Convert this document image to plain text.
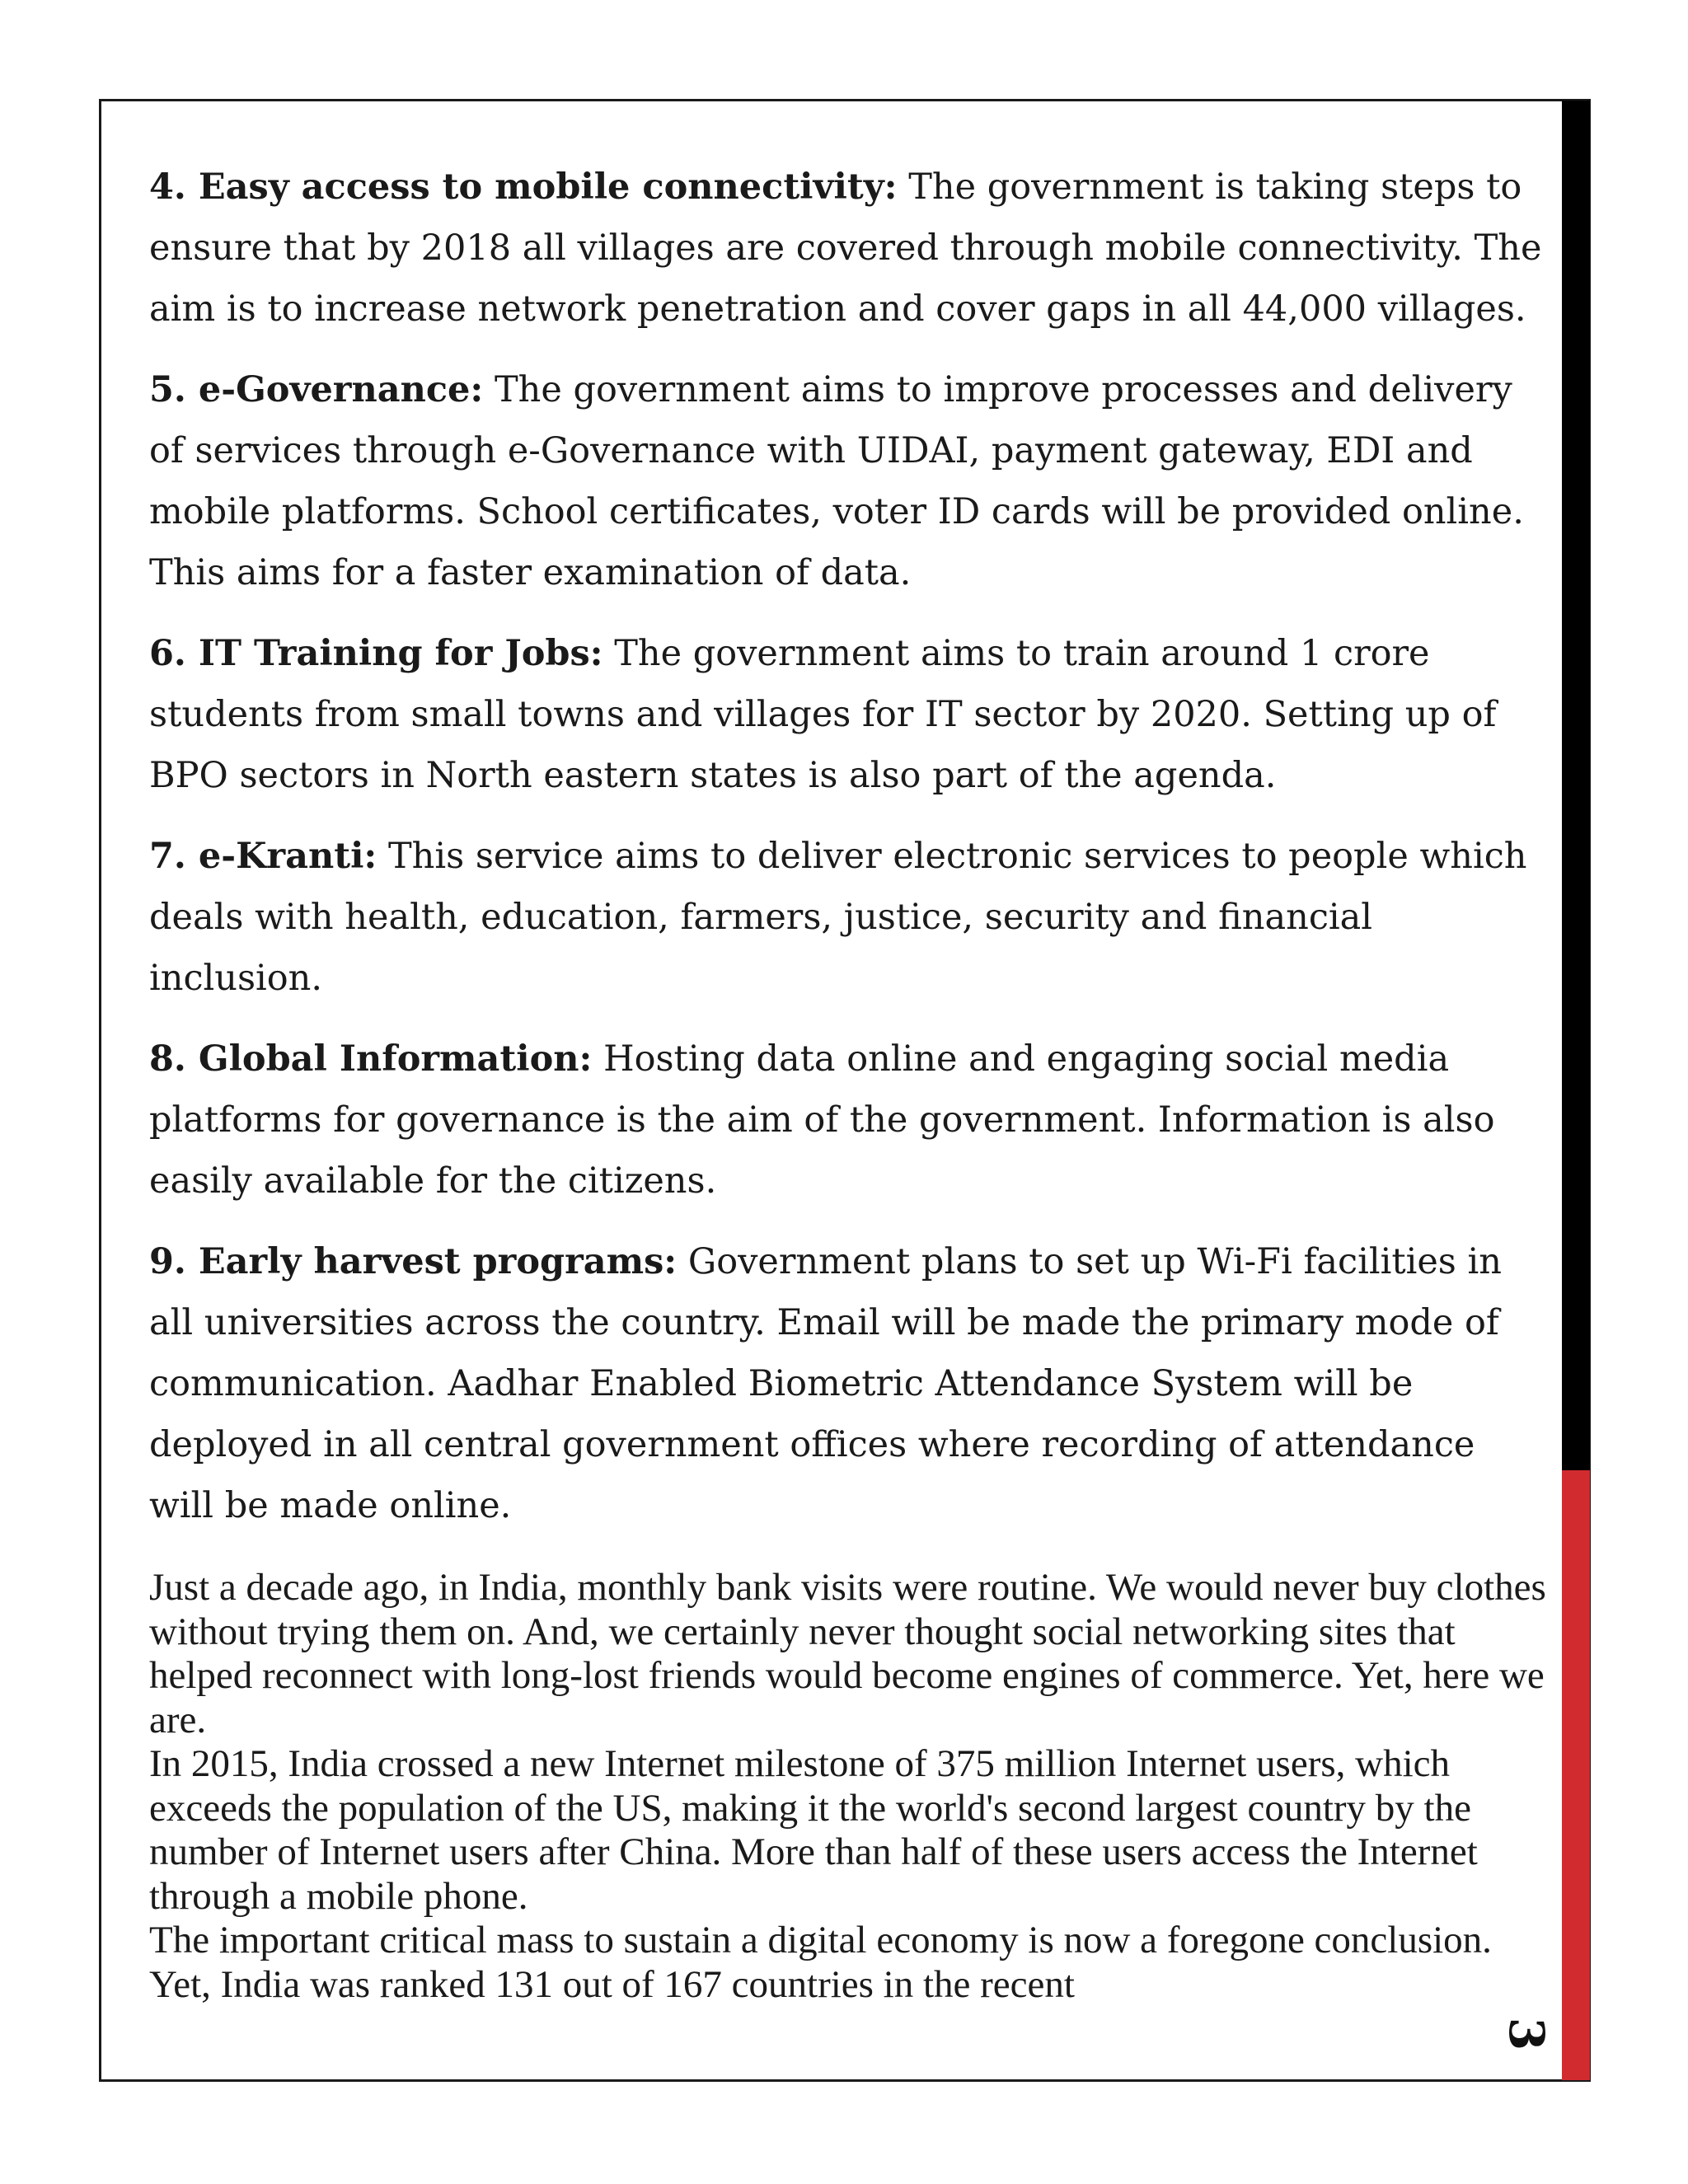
4. Easy access to mobile connectivity: The government is taking steps to ensure that by 2018 all villages are covered through mobile connectivity. The aim is to increase network penetration and cover gaps in all 44,000 villages.

5. e-Governance: The government aims to improve processes and delivery of services through e-Governance with UIDAI, payment gateway, EDI and mobile platforms. School certificates, voter ID cards will be provided online. This aims for a faster examination of data.

6. IT Training for Jobs: The government aims to train around 1 crore students from small towns and villages for IT sector by 2020. Setting up of BPO sectors in North eastern states is also part of the agenda.

7. e-Kranti: This service aims to deliver electronic services to people which deals with health, education, farmers, justice, security and financial inclusion.

8. Global Information: Hosting data online and engaging social media platforms for governance is the aim of the government. Information is also easily available for the citizens.

9. Early harvest programs: Government plans to set up Wi-Fi facilities in all universities across the country. Email will be made the primary mode of communication. Aadhar Enabled Biometric Attendance System will be deployed in all central government offices where recording of attendance will be made online.

Just a decade ago, in India, monthly bank visits were routine. We would never buy clothes without trying them on. And, we certainly never thought social networking sites that helped reconnect with long-lost friends would become engines of commerce. Yet, here we are.

In 2015, India crossed a new Internet milestone of 375 million Internet users, which exceeds the population of the US, making it the world's second largest country by the number of Internet users after China. More than half of these users access the Internet through a mobile phone.

The important critical mass to sustain a digital economy is now a foregone conclusion. Yet, India was ranked 131 out of 167 countries in the recent

3
